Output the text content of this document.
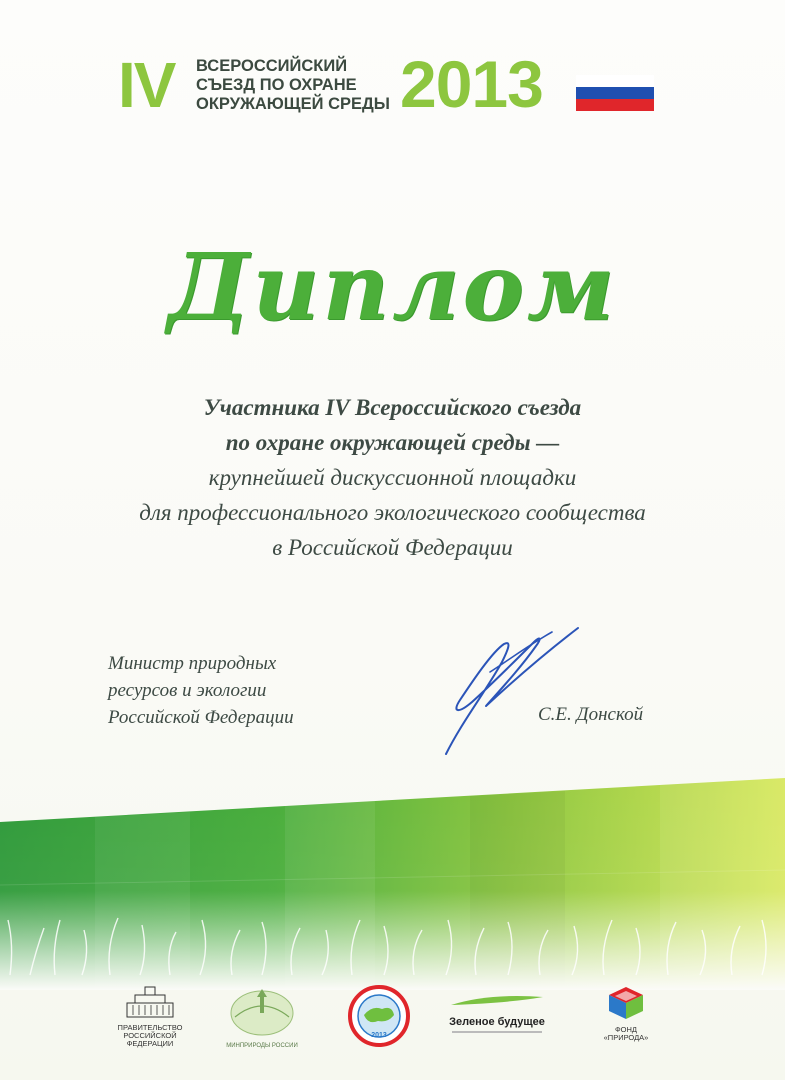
IV ВСЕРОССИЙСКИЙ
СЪЕЗД ПО ОХРАНЕ
ОКРУЖАЮЩЕЙ СРЕДЫ 2013
Диплом
Участника IV Всероссийского съезда
по охране окружающей среды —
крупнейшей дискуссионной площадки
для профессионального экологического сообщества
в Российской Федерации
Министр природных
ресурсов и экологии
Российской Федерации	С.Е. Донской
ПРАВИТЕЛЬСТВО
РОССИЙСКОЙ
ФЕДЕРАЦИИ	МИНПРИРОДЫ РОССИИ
2013
Зеленое будущее
ФОНД
«ПРИРОДА»
